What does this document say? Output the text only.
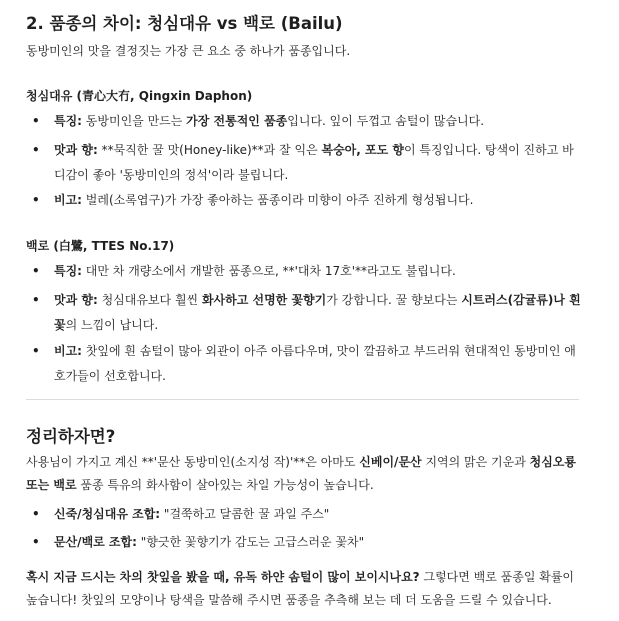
2. 품종의 차이: 청심대유 vs 백로 (Bailu)
동방미인의 맛을 결정짓는 가장 큰 요소 중 하나가 품종입니다.
청심대유 (青心大冇, Qingxin Daphon)
• 특징: 동방미인을 만드는 가장 전통적인 품종입니다. 잎이 두껍고 솜털이 많습니다.
• 맛과 향: **묵직한 꿀 맛(Honey-like)**과 잘 익은 복숭아, 포도 향이 특징입니다. 탕색이 진하고 바디감이 좋아 '동방미인의 정석'이라 불립니다.
• 비고: 벌레(소록엽구)가 가장 좋아하는 품종이라 미향이 아주 진하게 형성됩니다.
백로 (白鷺, TTES No.17)
• 특징: 대만 차 개량소에서 개발한 품종으로, **'대차 17호'**라고도 불립니다.
• 맛과 향: 청심대유보다 훨씬 화사하고 선명한 꽃향기가 강합니다. 꿀 향보다는 시트러스(감귤류)나 흰 꽃의 느낌이 납니다.
• 비고: 찻잎에 흰 솜털이 많아 외관이 아주 아름다우며, 맛이 깔끔하고 부드러워 현대적인 동방미인 애호가들이 선호합니다.
정리하자면?
사용님이 가지고 계신 **'문산 동방미인(소지성 작)'**은 아마도 신베이/문산 지역의 맑은 기운과 청심오룡
또는 백로 품종 특유의 화사함이 살아있는 차일 가능성이 높습니다.
• 신죽/청심대유 조합: "걸쭉하고 달콤한 꿀 과일 주스"
• 문산/백로 조합: "향긋한 꽃향기가 감도는 고급스러운 꽃차"
혹시 지금 드시는 차의 찻잎을 봤을 때, 유독 하얀 솜털이 많이 보이시나요? 그렇다면 백로 품종일 확률이
높습니다! 찻잎의 모양이나 탕색을 말씀해 주시면 품종을 추측해 보는 데 더 도움을 드릴 수 있습니다.
